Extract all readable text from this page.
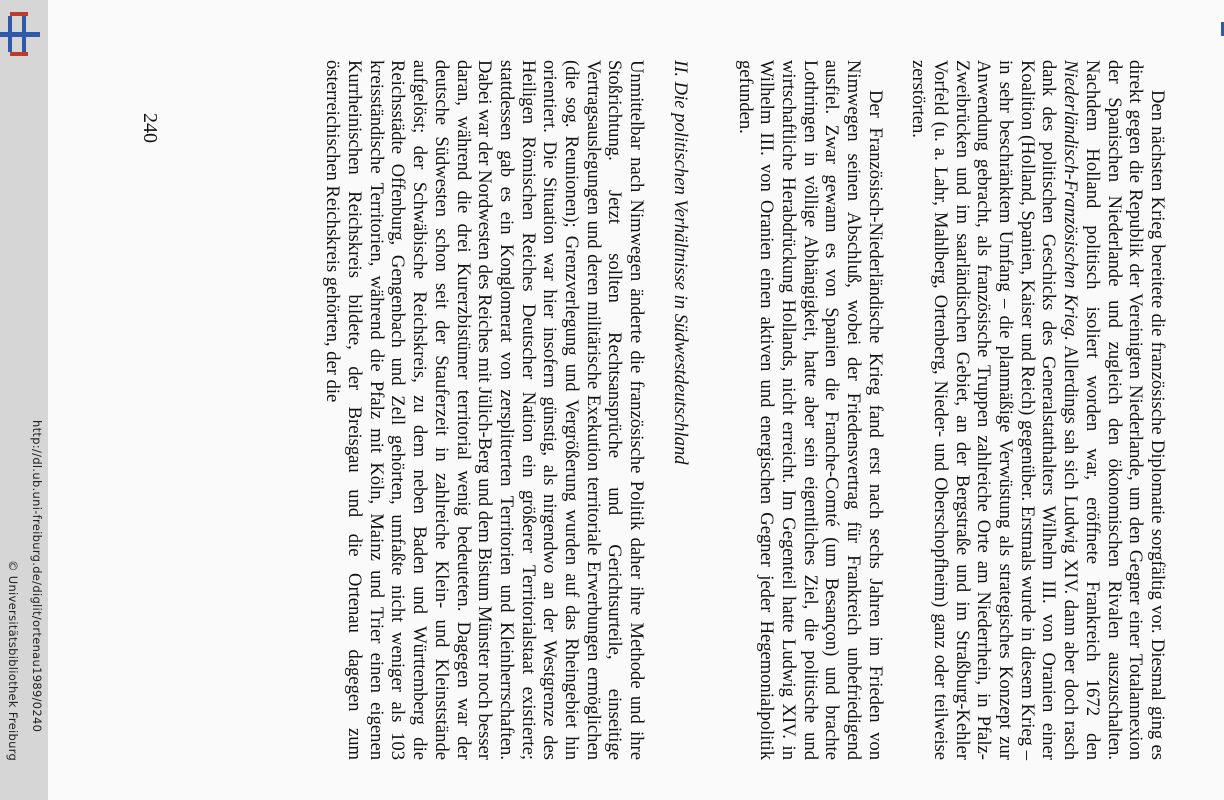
http://dl.ub.uni-freiburg.de/diglit/ortenau1989/0240
© Universitätsbibliothek Freiburg	Den nächsten Krieg bereitete die französische Diplomatie sorgfältig vor. Diesmal ging es direkt gegen die Republik der Vereinigten Niederlande, um den Gegner einer Totalannexion der Spanischen Niederlande und zugleich den ökonomischen Rivalen auszuschalten. Nachdem Holland politisch isoliert worden war, eröffnete Frankreich 1672 den Niederländisch-Französischen Krieg. Allerdings sah sich Ludwig XIV. dann aber doch rasch dank des politischen Geschicks des Generalstatthalters Wilhelm III. von Oranien einer Koalition (Holland, Spanien, Kaiser und Reich) gegenüber. Erstmals wurde in diesem Krieg – in sehr beschränktem Umfang – die planmäßige Verwüstung als strategisches Konzept zur Anwendung gebracht, als französische Truppen zahlreiche Orte am Niederrhein, in Pfalz-Zweibrücken und im saarländischen Gebiet, an der Bergstraße und im Straßburg-Kehler Vorfeld (u. a. Lahr, Mahlberg, Ortenberg, Nieder- und Oberschopfheim) ganz oder teilweise zerstörten.

Der Französisch-Niederländische Krieg fand erst nach sechs Jahren im Frieden von Nimwegen seinen Abschluß, wobei der Friedensvertrag für Frankreich unbefriedigend ausfiel. Zwar gewann es von Spanien die Franche-Comté (um Besançon) und brachte Lothringen in völlige Abhängigkeit, hatte aber sein eigentliches Ziel, die politische und wirtschaftliche Herabdrückung Hollands, nicht erreicht. Im Gegenteil hatte Ludwig XIV. in Wilhelm III. von Oranien einen aktiven und energischen Gegner jeder Hegemonialpolitik gefunden.

II. Die politischen Verhältnisse in Südwestdeutschland

Unmittelbar nach Nimwegen änderte die französische Politik daher ihre Methode und ihre Stoßrichtung. Jetzt sollten Rechtsansprüche und Gerichtsurteile, einseitige Vertragsauslegungen und deren militärische Exekution territoriale Erwerbungen ermöglichen (die sog. Reunionen); Grenzverlegung und Vergrößerung wurden auf das Rheingebiet hin orientiert. Die Situation war hier insofern günstig, als nirgendwo an der Westgrenze des Heiligen Römischen Reiches Deutscher Nation ein größerer Territorialstaat existierte; stattdessen gab es ein Konglomerat von zersplitterten Territorien und Kleinherrschaften. Dabei war der Nordwesten des Reiches mit Jülich-Berg und dem Bistum Münster noch besser daran, während die drei Kurerzbistümer territorial wenig bedeuteten. Dagegen war der deutsche Südwesten schon seit der Stauferzeit in zahlreiche Klein- und Kleinststände aufgelöst; der Schwäbische Reichskreis, zu dem neben Baden und Württemberg die Reichsstädte Offenburg, Gengenbach und Zell gehörten, umfaßte nicht weniger als 103 kreisständische Territorien, während die Pfalz mit Köln, Mainz und Trier einen eigenen Kurrheinischen Reichskreis bildete, der Breisgau und die Ortenau dagegen zum österreichischen Reichskreis gehörten, der die

240
